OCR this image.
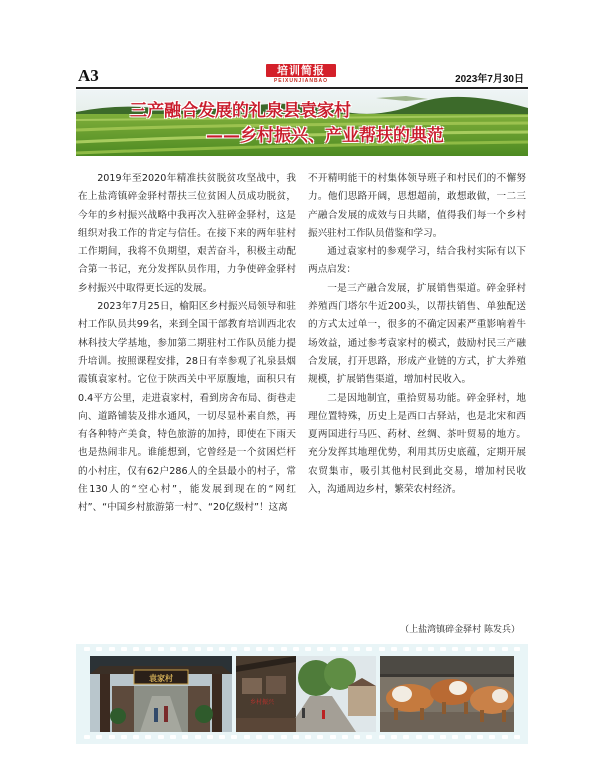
A3	培训简报
PEIXUNJIANBAO	2023年7月30日
三产融合发展的礼泉县袁家村
——乡村振兴、产业帮扶的典范

2019年至2020年精准扶贫脱贫攻坚战中，我在上盐湾镇碎金驿村帮扶三位贫困人员成功脱贫，今年的乡村振兴战略中我再次入驻碎金驿村，这是组织对我工作的肯定与信任。在接下来的两年驻村工作期间，我将不负期望，艰苦奋斗，积极主动配合第一书记，充分发挥队员作用，力争使碎金驿村乡村振兴中取得更长远的发展。

2023年7月25日，榆阳区乡村振兴局领导和驻村工作队员共99名，来到全国干部教育培训西北农林科技大学基地，参加第二期驻村工作队员能力提升培训。按照课程安排，28日有幸参观了礼泉县烟霞镇袁家村。它位于陕西关中平原腹地，面积只有0.4平方公里，走进袁家村，看到房舍布局、街巷走向、道路铺装及排水通风，一切尽显朴素自然，再有各种特产美食，特色旅游的加持，即使在下雨天也是热闹非凡。谁能想到，它曾经是一个贫困烂杆的小村庄，仅有62户286人的全县最小的村子，常住130人的“空心村”，能发展到现在的“网红村”、“中国乡村旅游第一村”、“20亿级村”！这离

不开精明能干的村集体领导班子和村民们的不懈努力。他们思路开阔，思想超前，敢想敢做，一二三产融合发展的成效与日共睹，值得我们每一个乡村振兴驻村工作队员借鉴和学习。

通过袁家村的参观学习，结合我村实际有以下两点启发：

一是三产融合发展，扩展销售渠道。碎金驿村养殖西门塔尔牛近200头，以帮扶销售、单独配送的方式太过单一，很多的不确定因素严重影响着牛场效益，通过参考袁家村的模式，鼓励村民三产融合发展，打开思路，形成产业链的方式，扩大养殖规模，扩展销售渠道，增加村民收入。

二是因地制宜，重拾贸易功能。碎金驿村，地理位置特殊，历史上是西口古驿站，也是北宋和西夏两国进行马匹、药材、丝绸、茶叶贸易的地方。充分发挥其地理优势，利用其历史底蕴，定期开展农贸集市，吸引其他村民到此交易，增加村民收入，沟通周边乡村，繁荣农村经济。

（上盐湾镇碎金驿村 陈发兵）
袁家村
乡村振兴
